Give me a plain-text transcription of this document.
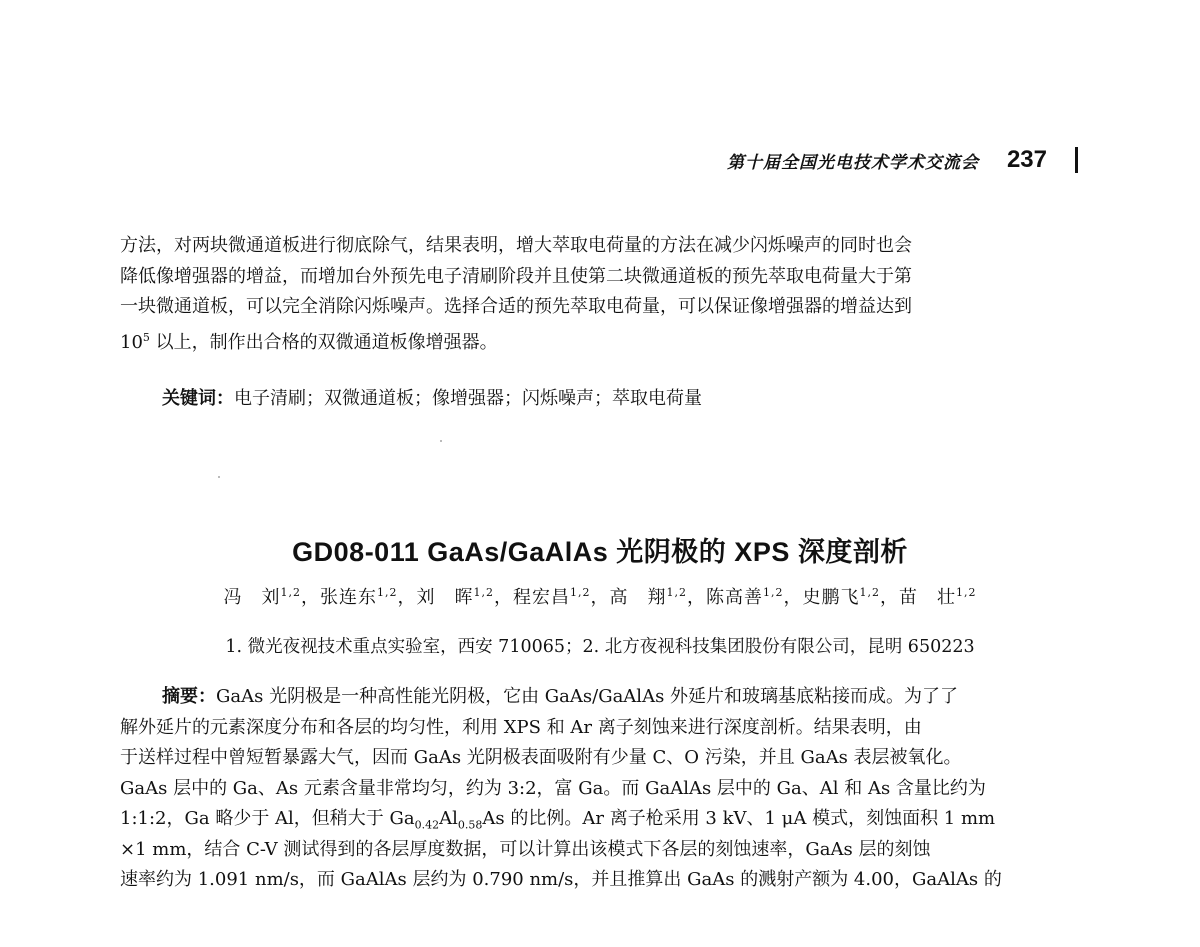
第十届全国光电技术学术交流会 237
方法，对两块微通道板进行彻底除气，结果表明，增大萃取电荷量的方法在减少闪烁噪声的同时也会
降低像增强器的增益，而增加台外预先电子清刷阶段并且使第二块微通道板的预先萃取电荷量大于第
一块微通道板，可以完全消除闪烁噪声。选择合适的预先萃取电荷量，可以保证像增强器的增益达到
$10^5$ 以上，制作出合格的双微通道板像增强器。
关键词：电子清刷；双微通道板；像增强器；闪烁噪声；萃取电荷量
GD08-011 GaAs/GaAlAs 光阴极的 XPS 深度剖析
冯　刘$^{1,2}$，张连东$^{1,2}$，刘　晖$^{1,2}$，程宏昌$^{1,2}$，高　翔$^{1,2}$，陈高善$^{1,2}$，史鹏飞$^{1,2}$，苗　壮$^{1,2}$
1. 微光夜视技术重点实验室，西安 710065；2. 北方夜视科技集团股份有限公司，昆明 650223
摘要：GaAs 光阴极是一种高性能光阴极，它由 GaAs/GaAlAs 外延片和玻璃基底粘接而成。为了了
解外延片的元素深度分布和各层的均匀性，利用 XPS 和 Ar 离子刻蚀来进行深度剖析。结果表明，由
于送样过程中曾短暂暴露大气，因而 GaAs 光阴极表面吸附有少量 C、O 污染，并且 GaAs 表层被氧化。
GaAs 层中的 Ga、As 元素含量非常均匀，约为 3:2，富 Ga。而 GaAlAs 层中的 Ga、Al 和 As 含量比约为
1:1:2，Ga 略少于 Al，但稍大于 $Ga_{0.42}Al_{0.58}As$ 的比例。Ar 离子枪采用 3 kV、1 μA 模式，刻蚀面积 1 mm
×1 mm，结合 C-V 测试得到的各层厚度数据，可以计算出该模式下各层的刻蚀速率，GaAs 层的刻蚀
速率约为 1.091 nm/s，而 GaAlAs 层约为 0.790 nm/s，并且推算出 GaAs 的溅射产额为 4.00，GaAlAs 的
